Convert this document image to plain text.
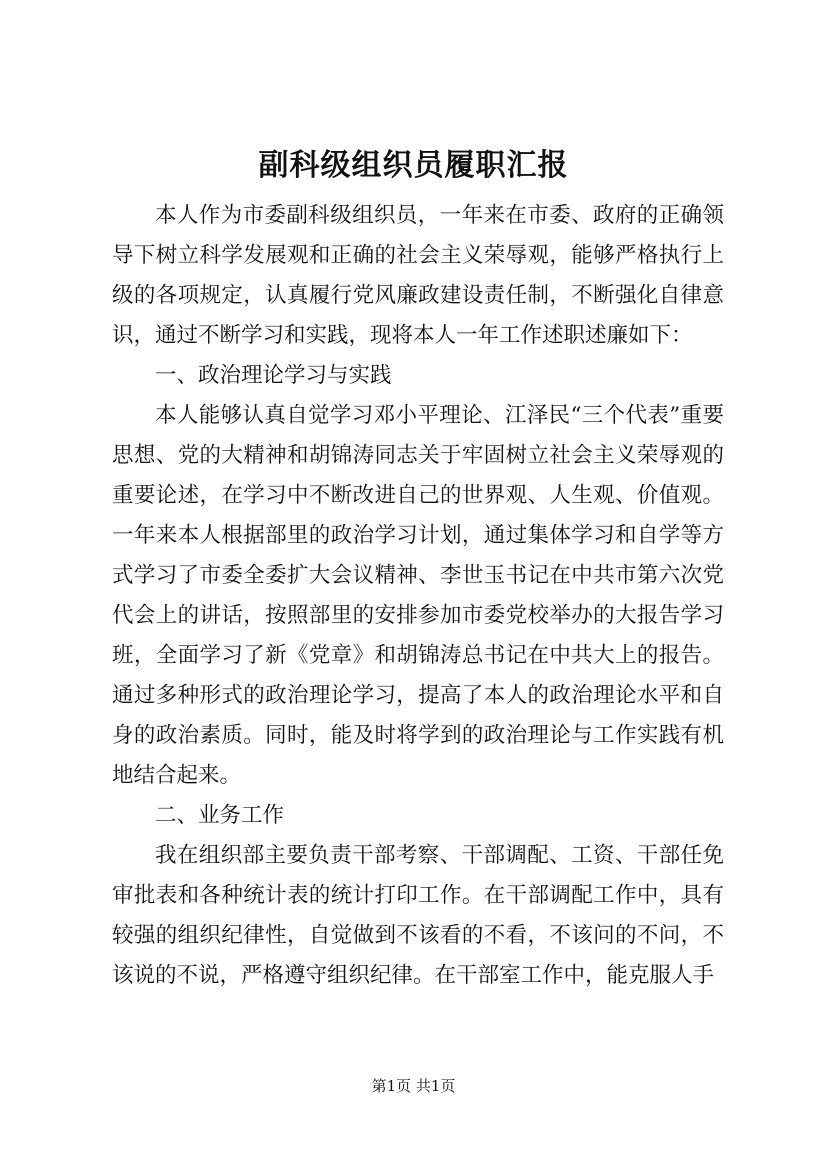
副科级组织员履职汇报

本人作为市委副科级组织员，一年来在市委、政府的正确领导下树立科学发展观和正确的社会主义荣辱观，能够严格执行上级的各项规定，认真履行党风廉政建设责任制，不断强化自律意识，通过不断学习和实践，现将本人一年工作述职述廉如下：

一、政治理论学习与实践

本人能够认真自觉学习邓小平理论、江泽民“三个代表”重要思想、党的大精神和胡锦涛同志关于牢固树立社会主义荣辱观的重要论述，在学习中不断改进自己的世界观、人生观、价值观。一年来本人根据部里的政治学习计划，通过集体学习和自学等方式学习了市委全委扩大会议精神、李世玉书记在中共市第六次党代会上的讲话，按照部里的安排参加市委党校举办的大报告学习班，全面学习了新《党章》和胡锦涛总书记在中共大上的报告。通过多种形式的政治理论学习，提高了本人的政治理论水平和自身的政治素质。同时，能及时将学到的政治理论与工作实践有机地结合起来。

二、业务工作

我在组织部主要负责干部考察、干部调配、工资、干部任免审批表和各种统计表的统计打印工作。在干部调配工作中，具有较强的组织纪律性，自觉做到不该看的不看，不该问的不问，不该说的不说，严格遵守组织纪律。在干部室工作中，能克服人手

第1页 共1页
